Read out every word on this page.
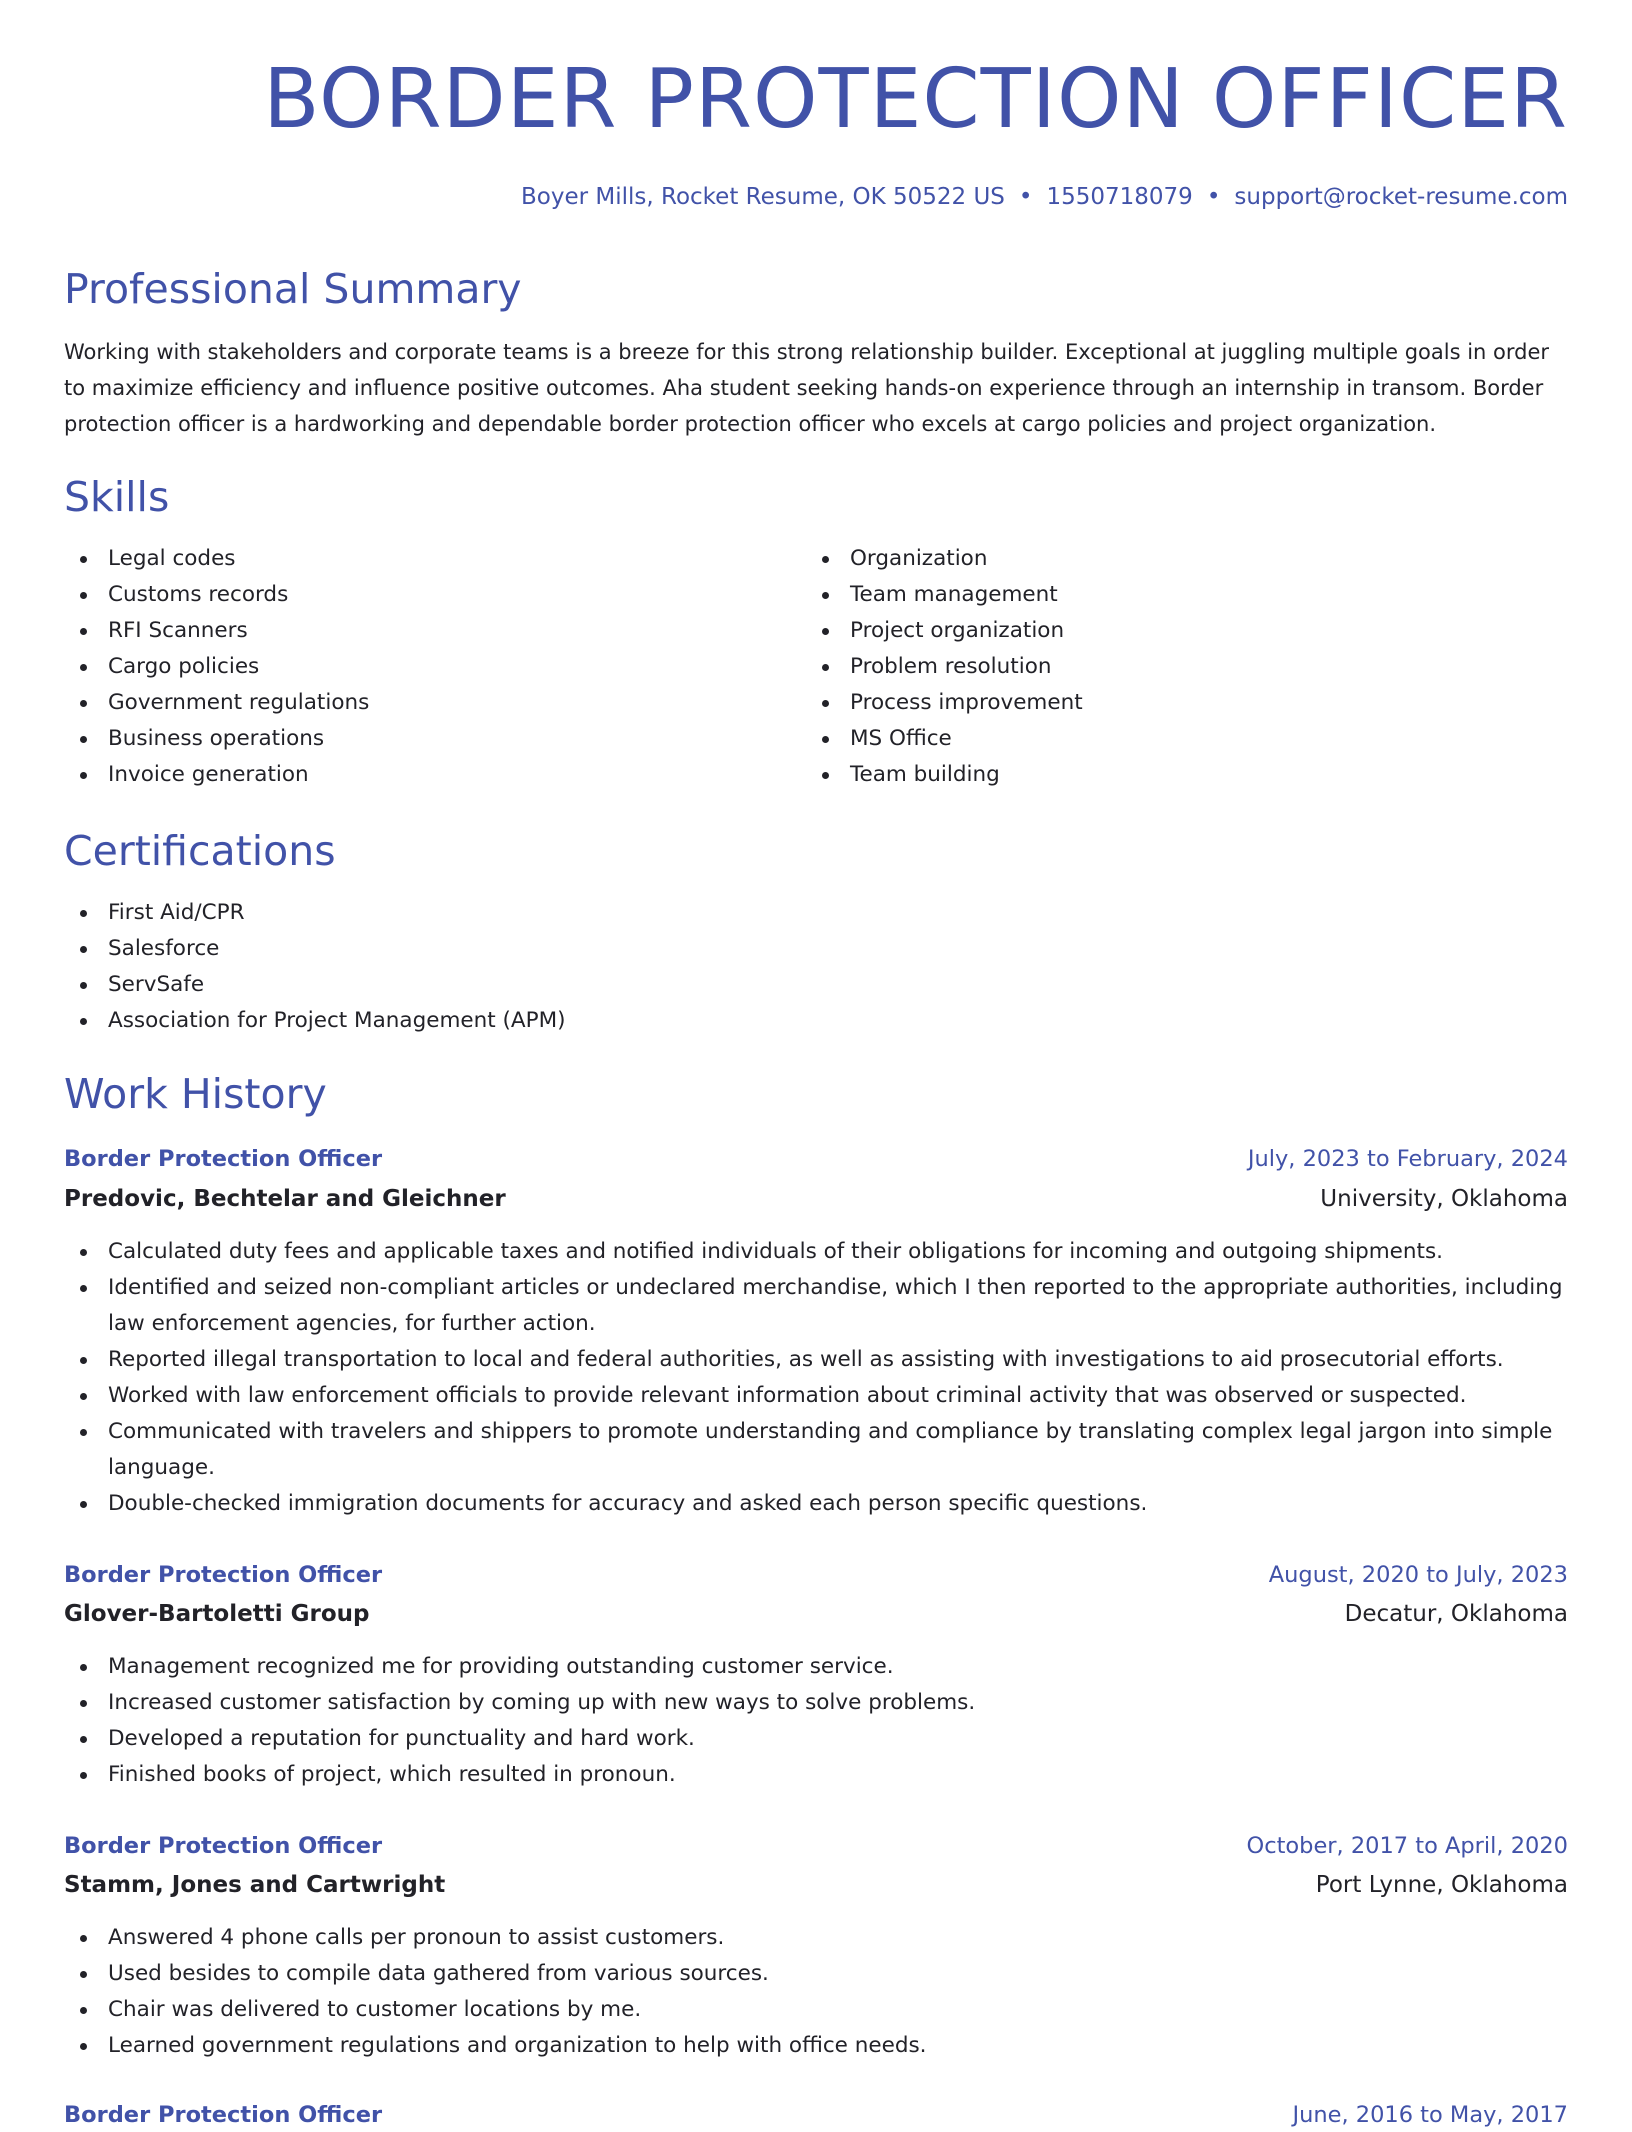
BORDER PROTECTION OFFICER
Boyer Mills, Rocket Resume, OK 50522 US • 1550718079 • support@rocket-resume.com
Professional Summary

Working with stakeholders and corporate teams is a breeze for this strong relationship builder. Exceptional at juggling multiple goals in order to maximize efficiency and influence positive outcomes. Aha student seeking hands-on experience through an internship in transom. Border protection officer is a hardworking and dependable border protection officer who excels at cargo policies and project organization.

Skills
Legal codes
Customs records
RFI Scanners
Cargo policies
Government regulations
Business operations
Invoice generation
Organization
Team management
Project organization
Problem resolution
Process improvement
MS Office
Team building
Certifications
First Aid/CPR
Salesforce
ServSafe
Association for Project Management (APM)
Work History
Border Protection Officer	July, 2023 to February, 2024
Predovic, Bechtelar and Gleichner	University, Oklahoma
Calculated duty fees and applicable taxes and notified individuals of their obligations for incoming and outgoing shipments.
Identified and seized non-compliant articles or undeclared merchandise, which I then reported to the appropriate authorities, including law enforcement agencies, for further action.
Reported illegal transportation to local and federal authorities, as well as assisting with investigations to aid prosecutorial efforts.
Worked with law enforcement officials to provide relevant information about criminal activity that was observed or suspected.
Communicated with travelers and shippers to promote understanding and compliance by translating complex legal jargon into simple language.
Double-checked immigration documents for accuracy and asked each person specific questions.
Border Protection Officer	August, 2020 to July, 2023
Glover-Bartoletti Group	Decatur, Oklahoma
Management recognized me for providing outstanding customer service.
Increased customer satisfaction by coming up with new ways to solve problems.
Developed a reputation for punctuality and hard work.
Finished books of project, which resulted in pronoun.
Border Protection Officer	October, 2017 to April, 2020
Stamm, Jones and Cartwright	Port Lynne, Oklahoma
Answered 4 phone calls per pronoun to assist customers.
Used besides to compile data gathered from various sources.
Chair was delivered to customer locations by me.
Learned government regulations and organization to help with office needs.
Border Protection Officer	June, 2016 to May, 2017
